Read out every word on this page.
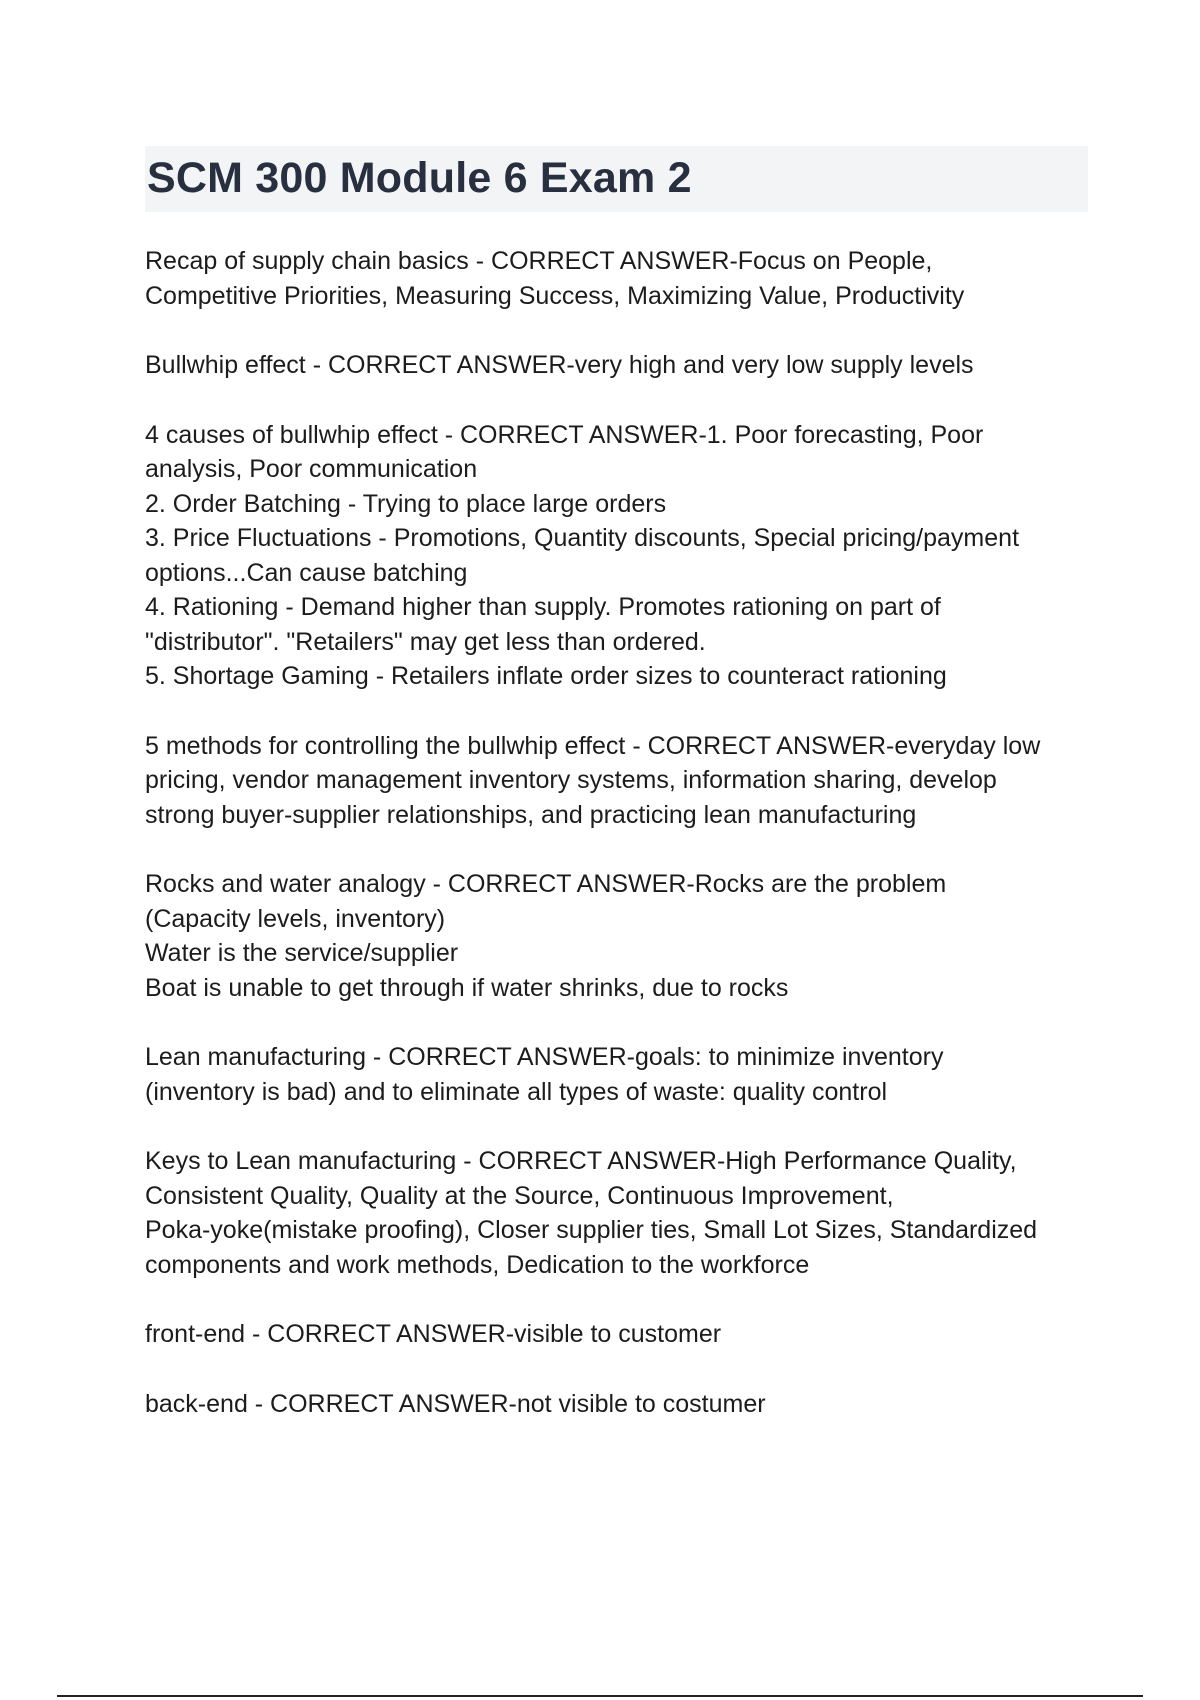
SCM 300 Module 6 Exam 2

Recap of supply chain basics - CORRECT ANSWER-Focus on People,
Competitive Priorities, Measuring Success, Maximizing Value, Productivity

Bullwhip effect - CORRECT ANSWER-very high and very low supply levels

4 causes of bullwhip effect - CORRECT ANSWER-1. Poor forecasting, Poor
analysis, Poor communication
2. Order Batching - Trying to place large orders
3. Price Fluctuations - Promotions, Quantity discounts, Special pricing/payment
options...Can cause batching
4. Rationing - Demand higher than supply. Promotes rationing on part of
"distributor". "Retailers" may get less than ordered.
5. Shortage Gaming - Retailers inflate order sizes to counteract rationing

5 methods for controlling the bullwhip effect - CORRECT ANSWER-everyday low
pricing, vendor management inventory systems, information sharing, develop
strong buyer-supplier relationships, and practicing lean manufacturing

Rocks and water analogy - CORRECT ANSWER-Rocks are the problem
(Capacity levels, inventory)
Water is the service/supplier
Boat is unable to get through if water shrinks, due to rocks

Lean manufacturing - CORRECT ANSWER-goals: to minimize inventory
(inventory is bad) and to eliminate all types of waste: quality control

Keys to Lean manufacturing - CORRECT ANSWER-High Performance Quality,
Consistent Quality, Quality at the Source, Continuous Improvement,
Poka-yoke(mistake proofing), Closer supplier ties, Small Lot Sizes, Standardized
components and work methods, Dedication to the workforce

front-end - CORRECT ANSWER-visible to customer

back-end - CORRECT ANSWER-not visible to costumer
